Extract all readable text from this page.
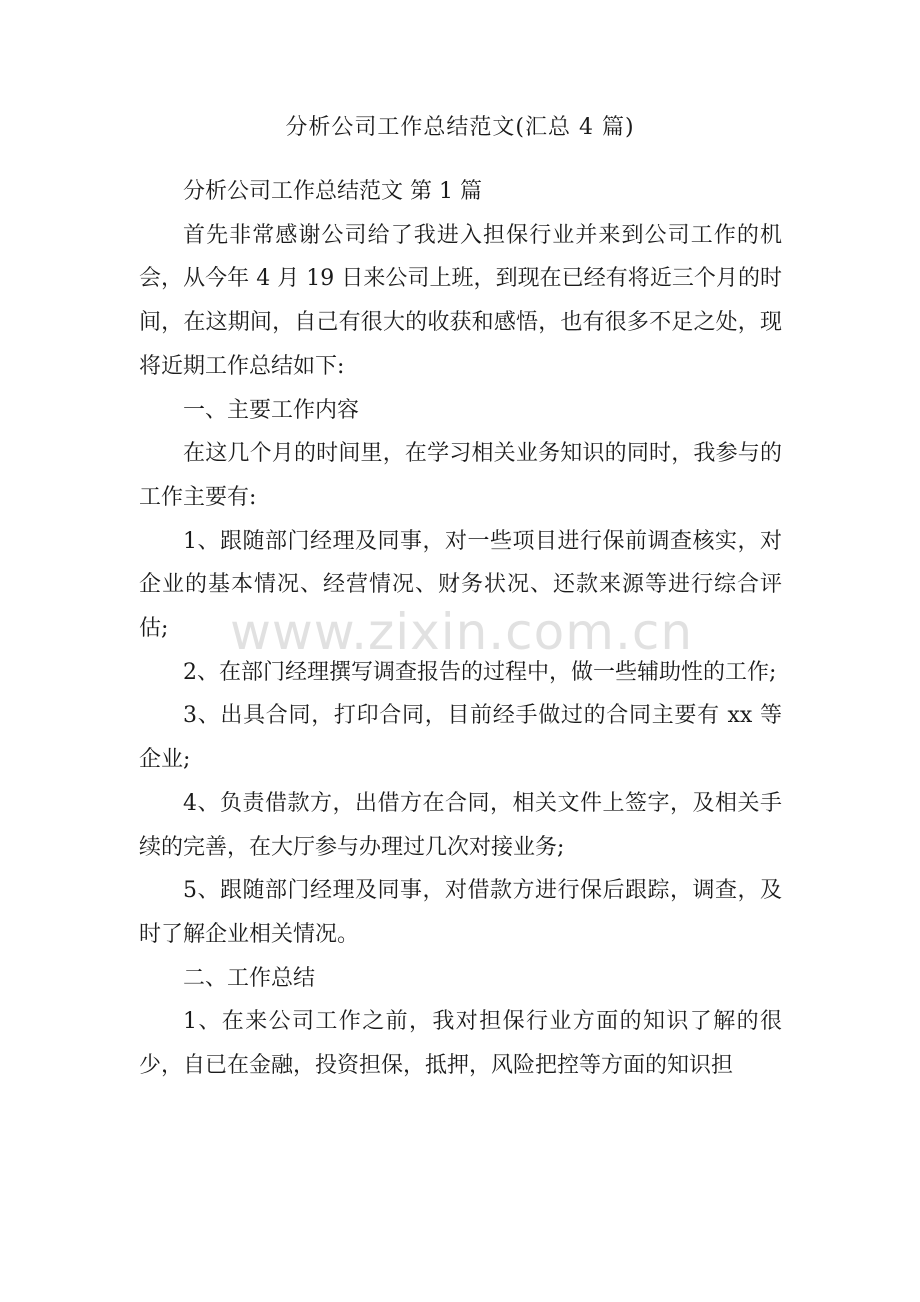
分析公司工作总结范文(汇总 4 篇)

分析公司工作总结范文 第 1 篇

首先非常感谢公司给了我进入担保行业并来到公司工作的机会，从今年 4 月 19 日来公司上班，到现在已经有将近三个月的时间，在这期间，自己有很大的收获和感悟，也有很多不足之处，现将近期工作总结如下:

一、主要工作内容

在这几个月的时间里，在学习相关业务知识的同时，我参与的工作主要有:

1、跟随部门经理及同事，对一些项目进行保前调查核实，对企业的基本情况、经营情况、财务状况、还款来源等进行综合评估;

2、在部门经理撰写调查报告的过程中，做一些辅助性的工作;

3、出具合同，打印合同，目前经手做过的合同主要有 xx 等企业;

4、负责借款方，出借方在合同，相关文件上签字，及相关手续的完善，在大厅参与办理过几次对接业务;

5、跟随部门经理及同事，对借款方进行保后跟踪，调查，及时了解企业相关情况。

二、工作总结

1、在来公司工作之前，我对担保行业方面的知识了解的很少，自已在金融，投资担保，抵押，风险把控等方面的知识担

www.zixin.com.cn
